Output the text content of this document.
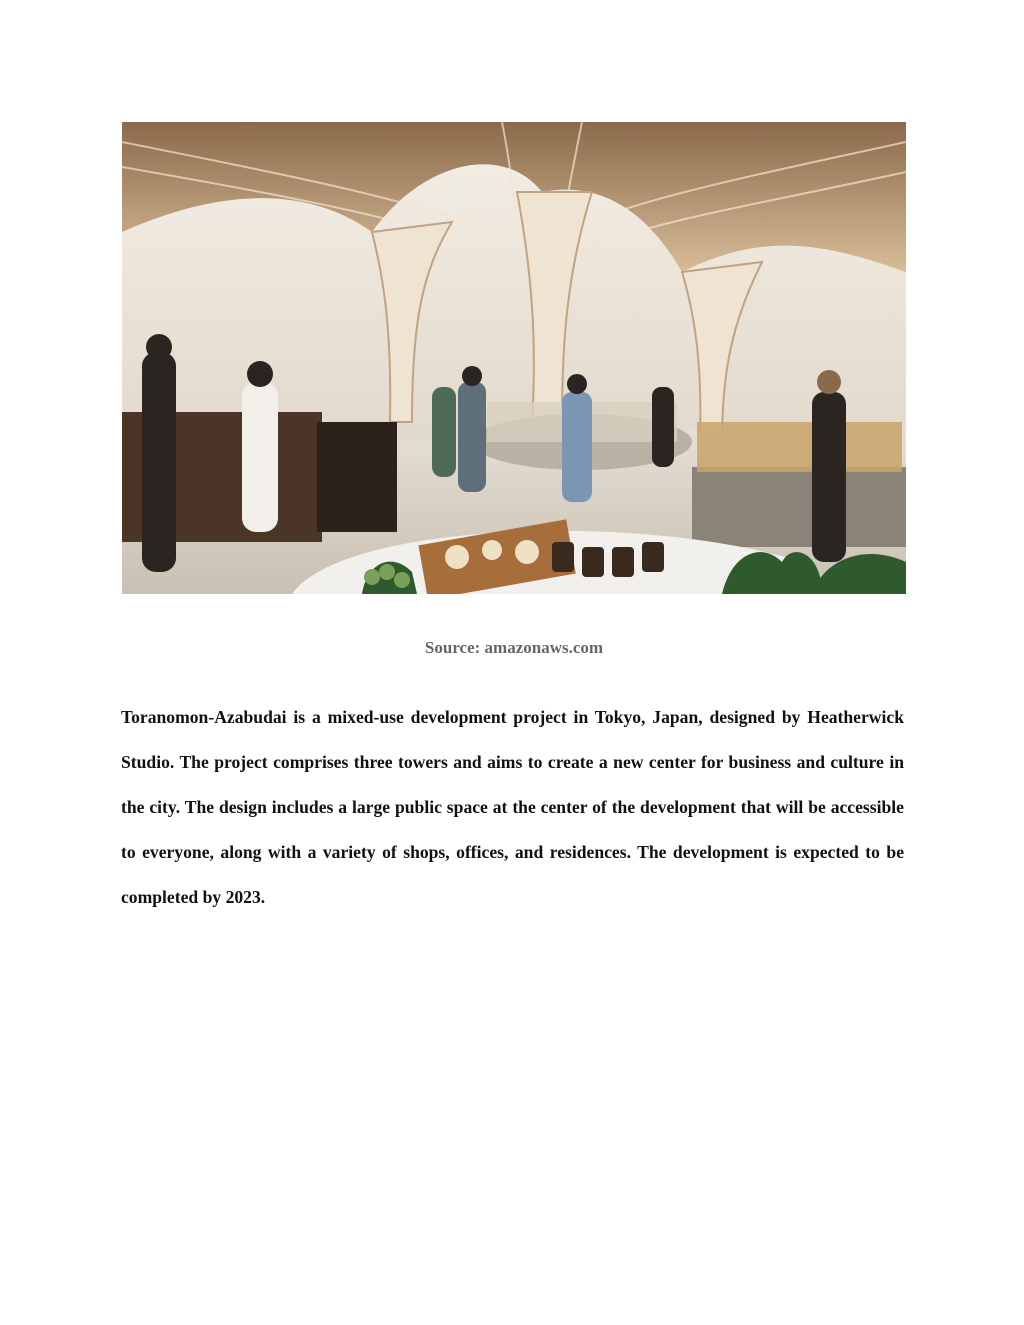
Source: amazonaws.com

Toranomon-Azabudai is a mixed-use development project in Tokyo, Japan, designed by Heatherwick Studio. The project comprises three towers and aims to create a new center for business and culture in the city. The design includes a large public space at the center of the development that will be accessible to everyone, along with a variety of shops, offices, and residences. The development is expected to be completed by 2023.
